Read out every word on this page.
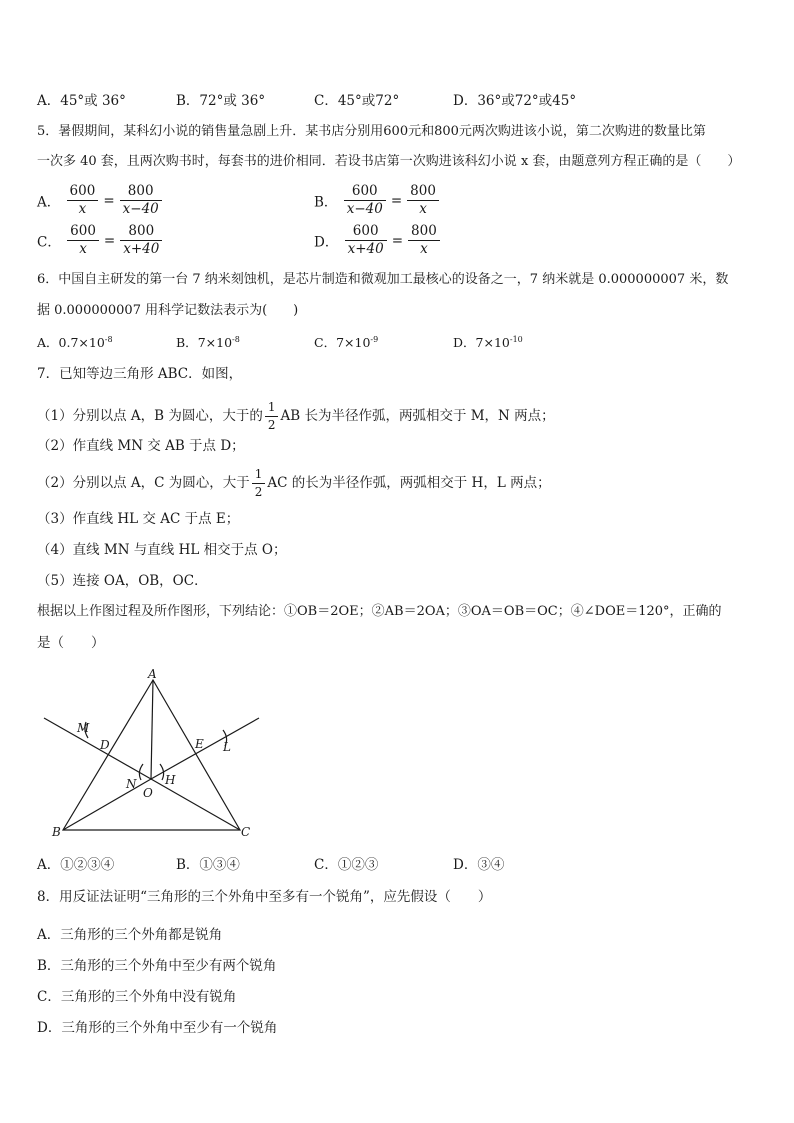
A．45°或 36°	B．72°或 36°	C．45°或72°	D．36°或72°或45°
5．暑假期间，某科幻小说的销售量急剧上升．某书店分别用600元和800元两次购进该小说，第二次购进的数量比第
一次多 40 套，且两次购书时，每套书的进价相同．若设书店第一次购进该科幻小说 x 套，由题意列方程正确的是（　　）
A． $\frac{600}{x} = \frac{800}{x-40}$	B． $\frac{600}{x-40} = \frac{800}{x}$
C． $\frac{600}{x} = \frac{800}{x+40}$	D． $\frac{600}{x+40} = \frac{800}{x}$
6．中国自主研发的第一台 7 纳米刻蚀机，是芯片制造和微观加工最核心的设备之一，7 纳米就是 0.000000007 米，数
据 0.000000007 用科学记数法表示为(　　)
A．$0.7\times 10^{-8}$	B．$7\times 10^{-8}$	C．$7\times 10^{-9}$	D．$7\times 10^{-10}$
7．已知等边三角形 ABC．如图，
（1）分别以点 A，B 为圆心，大于的 $\frac{1}{2}$ AB 长为半径作弧，两弧相交于 M，N 两点；
（2）作直线 MN 交 AB 于点 D；
（2）分别以点 A，C 为圆心，大于 $\frac{1}{2}$ AC 的长为半径作弧，两弧相交于 H，L 两点；
（3）作直线 HL 交 AC 于点 E；
（4）直线 MN 与直线 HL 相交于点 O；
（5）连接 OA，OB，OC．
根据以上作图过程及所作图形，下列结论：①OB＝2OE；②AB＝2OA；③OA＝OB＝OC；④∠DOE＝120°，正确的
是（　　）
A
B	C
D	E
M
N H
L
O
A．①②③④	B．①③④	C．①②③	D．③④
8．用反证法证明“三角形的三个外角中至多有一个锐角”，应先假设（　　）
A．三角形的三个外角都是锐角
B．三角形的三个外角中至少有两个锐角
C．三角形的三个外角中没有锐角
D．三角形的三个外角中至少有一个锐角
